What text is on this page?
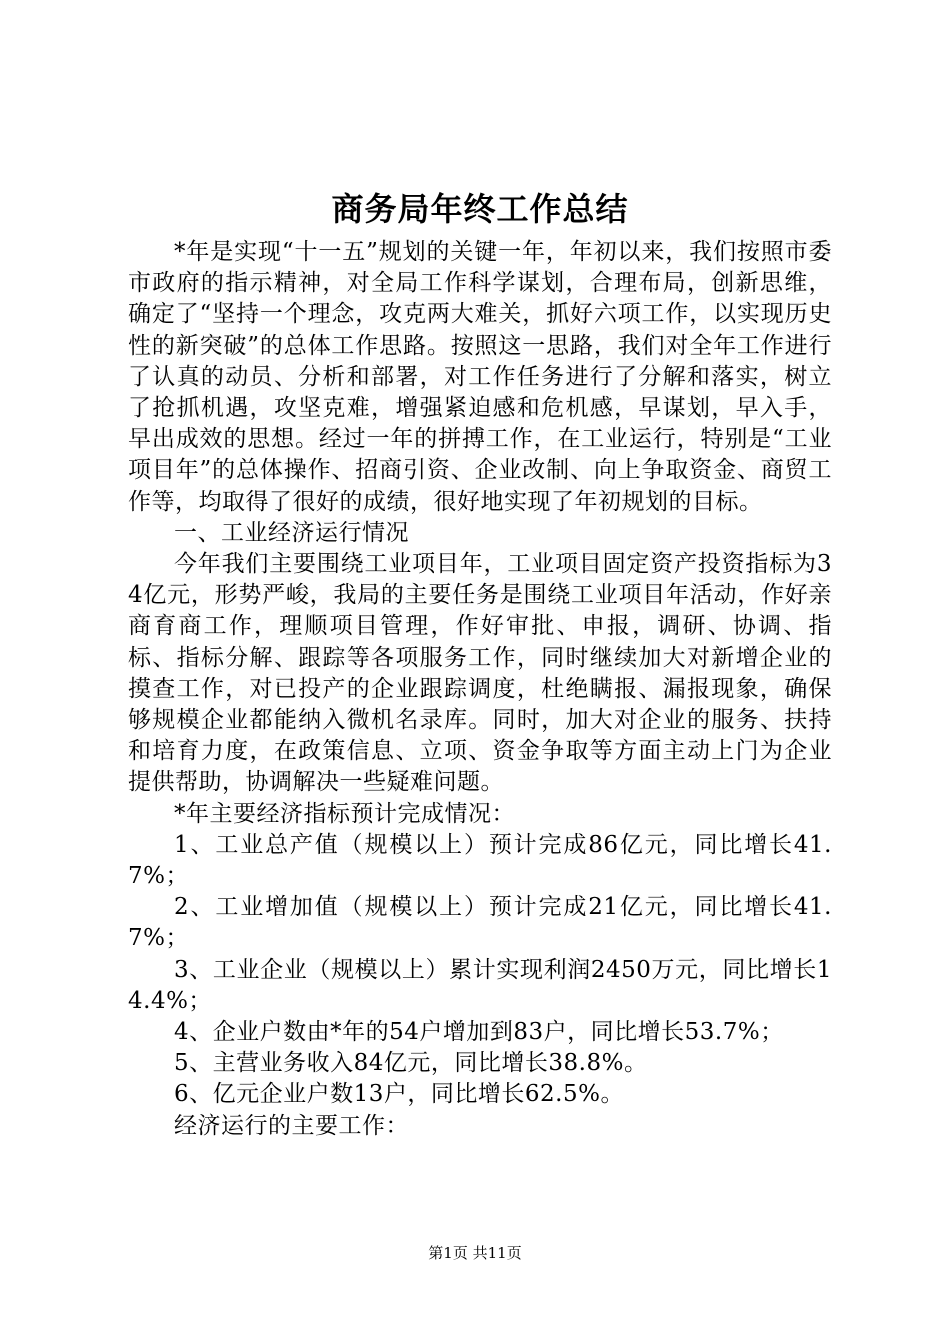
商务局年终工作总结

*年是实现“十一五”规划的关键一年，年初以来，我们按照市委市政府的指示精神，对全局工作科学谋划，合理布局，创新思维，确定了“坚持一个理念，攻克两大难关，抓好六项工作，以实现历史性的新突破”的总体工作思路。按照这一思路，我们对全年工作进行了认真的动员、分析和部署，对工作任务进行了分解和落实，树立了抢抓机遇，攻坚克难，增强紧迫感和危机感，早谋划，早入手，早出成效的思想。经过一年的拼搏工作，在工业运行，特别是“工业项目年”的总体操作、招商引资、企业改制、向上争取资金、商贸工作等，均取得了很好的成绩，很好地实现了年初规划的目标。

一、工业经济运行情况

今年我们主要围绕工业项目年，工业项目固定资产投资指标为34亿元，形势严峻，我局的主要任务是围绕工业项目年活动，作好亲商育商工作，理顺项目管理，作好审批、申报，调研、协调、指标、指标分解、跟踪等各项服务工作，同时继续加大对新增企业的摸查工作，对已投产的企业跟踪调度，杜绝瞒报、漏报现象，确保够规模企业都能纳入微机名录库。同时，加大对企业的服务、扶持和培育力度，在政策信息、立项、资金争取等方面主动上门为企业提供帮助，协调解决一些疑难问题。

*年主要经济指标预计完成情况：

1、工业总产值（规模以上）预计完成86亿元，同比增长41.7%；

2、工业增加值（规模以上）预计完成21亿元，同比增长41.7%；

3、工业企业（规模以上）累计实现利润2450万元，同比增长14.4%；

4、企业户数由*年的54户增加到83户，同比增长53.7%；

5、主营业务收入84亿元，同比增长38.8%。

6、亿元企业户数13户，同比增长62.5%。

经济运行的主要工作：

第1页 共11页
